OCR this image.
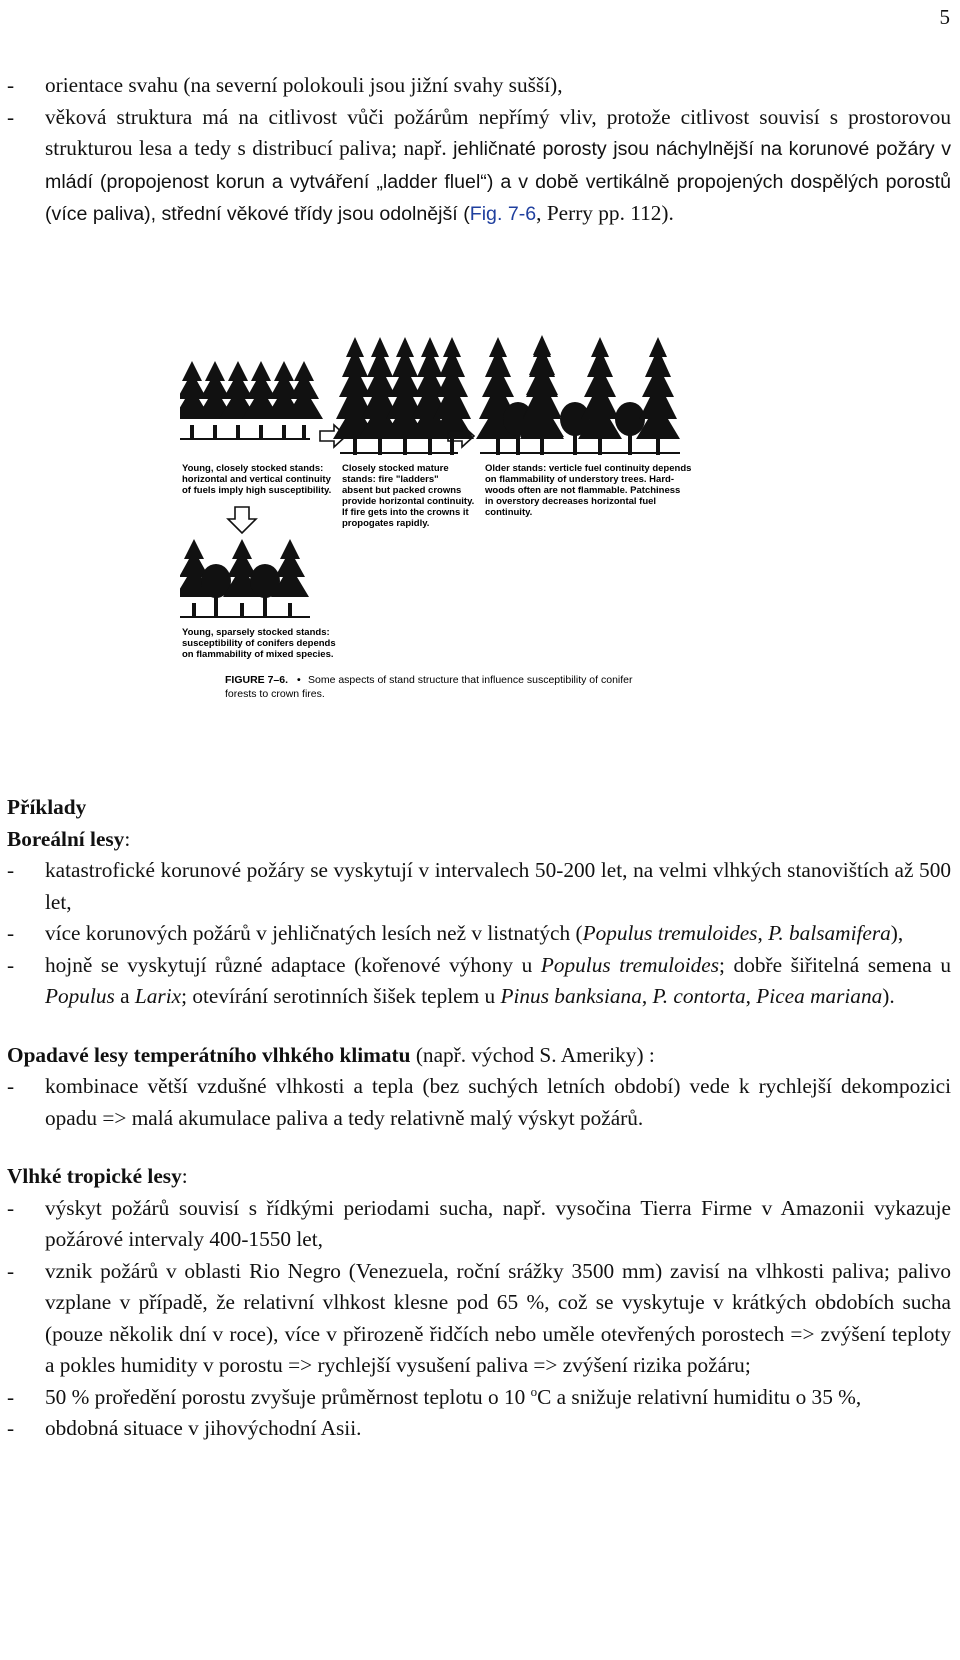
5
-	orientace svahu (na severní polokouli jsou jižní svahy sušší),
-	věková struktura má na citlivost vůči požárům nepřímý vliv, protože citlivost souvisí s prostorovou strukturou lesa a tedy s distribucí paliva; např. jehličnaté porosty jsou náchylnější na korunové požáry v mládí (propojenost korun a vytváření „ladder fluel“) a v době vertikálně propojených dospělých porostů (více paliva), střední věkové třídy jsou odolnější (Fig. 7-6, Perry pp. 112).
Young, closely stocked stands:
horizontal and vertical continuity
of fuels imply high susceptibility.
Closely stocked mature
stands: fire "ladders"
absent but packed crowns
provide horizontal continuity.
If fire gets into the crowns it
propogates rapidly.
Older stands: verticle fuel continuity depends
on flammability of understory trees. Hard-
woods often are not flammable. Patchiness
in overstory decreases horizontal fuel
continuity.
Young, sparsely stocked stands:
susceptibility of conifers depends
on flammability of mixed species.
FIGURE 7–6. • Some aspects of stand structure that influence susceptibility of conifer
forests to crown fires.
Příklady
Boreální lesy:
-	katastrofické korunové požáry se vyskytují v intervalech 50-200 let, na velmi vlhkých stanovištích až 500 let,
-	více korunových požárů v jehličnatých lesích než v listnatých (Populus tremuloides, P. balsamifera),
-	hojně se vyskytují různé adaptace (kořenové výhony u Populus tremuloides; dobře šiřitelná semena u Populus a Larix; otevírání serotinních šišek teplem u Pinus banksiana, P. contorta, Picea mariana).
Opadavé lesy temperátního vlhkého klimatu (např. východ S. Ameriky) :
-	kombinace větší vzdušné vlhkosti a tepla (bez suchých letních období) vede k rychlejší dekompozici opadu => malá akumulace paliva a tedy relativně malý výskyt požárů.
Vlhké tropické lesy:
-	výskyt požárů souvisí s řídkými periodami sucha, např. vysočina Tierra Firme v Amazonii vykazuje požárové intervaly 400-1550 let,
-	vznik požárů v oblasti Rio Negro (Venezuela, roční srážky 3500 mm) zavisí na vlhkosti paliva; palivo vzplane v případě, že relativní vlhkost klesne pod 65 %, což se vyskytuje v krátkých obdobích sucha (pouze několik dní v roce), více v přirozeně řidčích nebo uměle otevřených porostech => zvýšení teploty a pokles humidity v porostu => rychlejší vysušení paliva => zvýšení rizika požáru;
-	50 % proředění porostu zvyšuje průměrnost teplotu o 10 $^o$C a snižuje relativní humiditu o 35 %,
-	obdobná situace v jihovýchodní Asii.
